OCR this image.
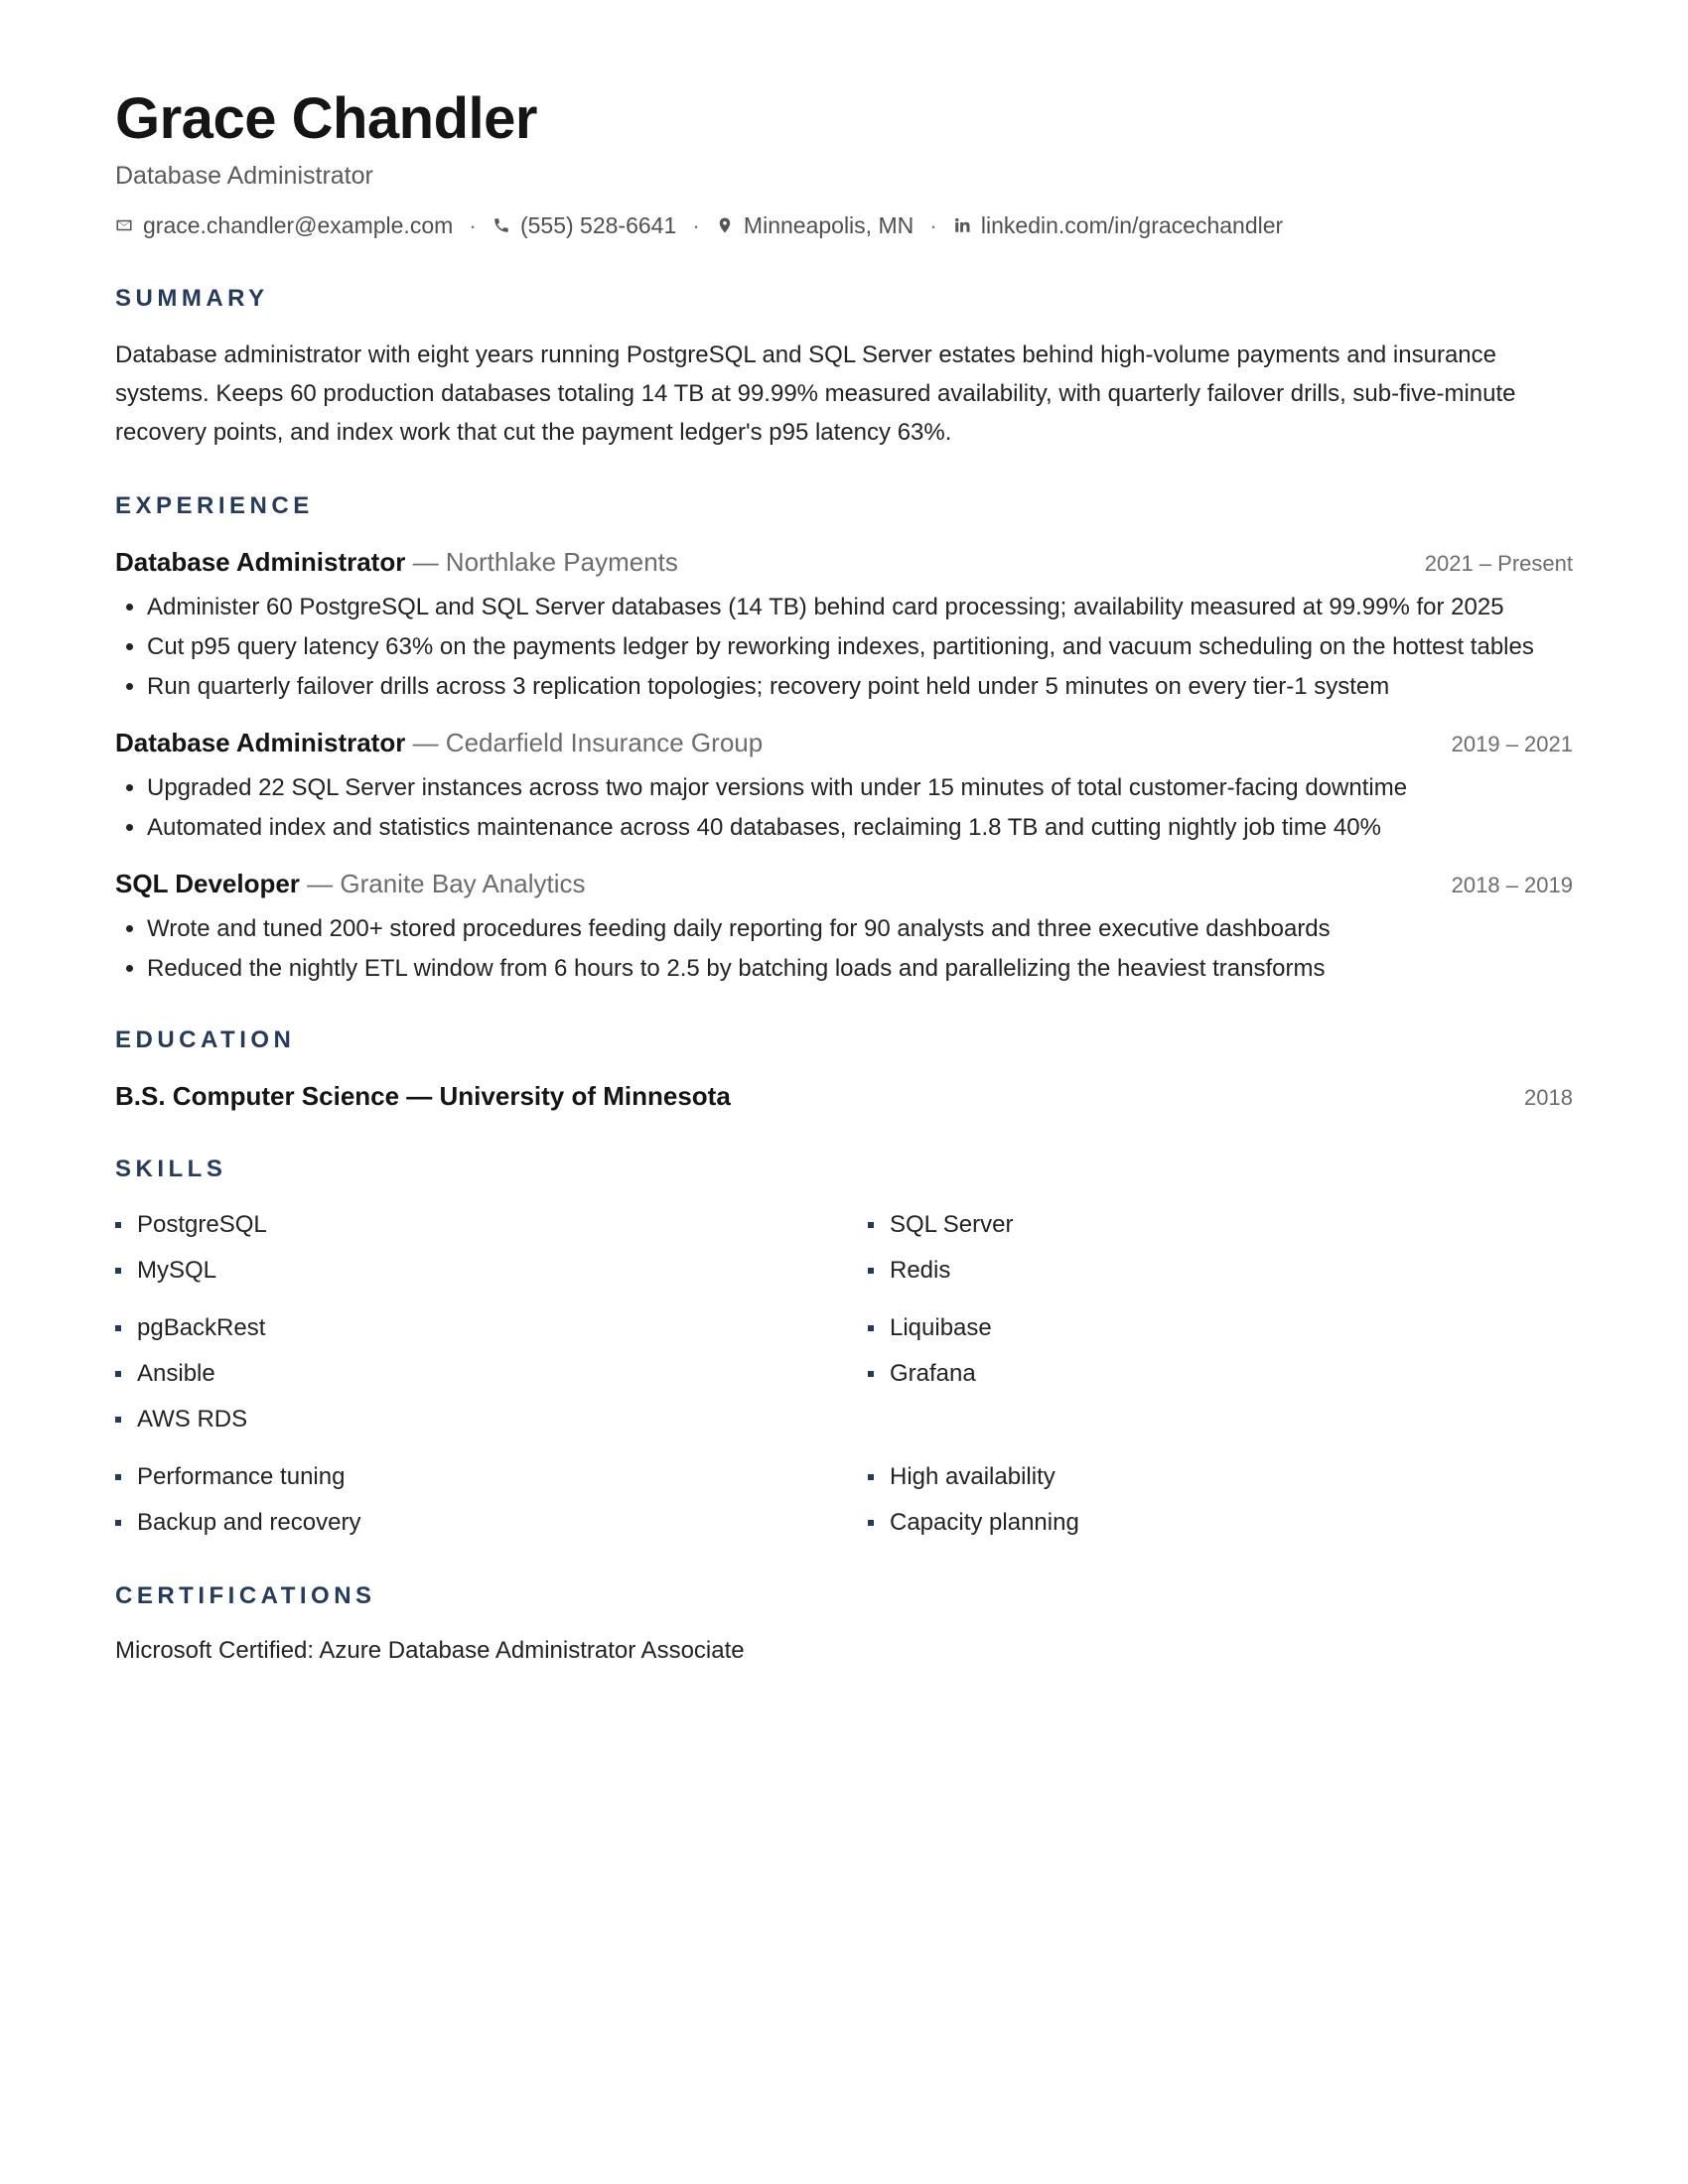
Grace Chandler
Database Administrator
grace.chandler@example.com · (555) 528-6641 · Minneapolis, MN · linkedin.com/in/gracechandler
SUMMARY
Database administrator with eight years running PostgreSQL and SQL Server estates behind high-volume payments and insurance systems. Keeps 60 production databases totaling 14 TB at 99.99% measured availability, with quarterly failover drills, sub-five-minute recovery points, and index work that cut the payment ledger's p95 latency 63%.
EXPERIENCE
Database Administrator — Northlake Payments	2021 – Present
• Administer 60 PostgreSQL and SQL Server databases (14 TB) behind card processing; availability measured at 99.99% for 2025
• Cut p95 query latency 63% on the payments ledger by reworking indexes, partitioning, and vacuum scheduling on the hottest tables
• Run quarterly failover drills across 3 replication topologies; recovery point held under 5 minutes on every tier-1 system
Database Administrator — Cedarfield Insurance Group	2019 – 2021
• Upgraded 22 SQL Server instances across two major versions with under 15 minutes of total customer-facing downtime
• Automated index and statistics maintenance across 40 databases, reclaiming 1.8 TB and cutting nightly job time 40%
SQL Developer — Granite Bay Analytics	2018 – 2019
• Wrote and tuned 200+ stored procedures feeding daily reporting for 90 analysts and three executive dashboards
• Reduced the nightly ETL window from 6 hours to 2.5 by batching loads and parallelizing the heaviest transforms
EDUCATION
B.S. Computer Science — University of Minnesota	2018
SKILLS
PostgreSQL	SQL Server
MySQL	Redis
pgBackRest	Liquibase
Ansible	Grafana
AWS RDS
Performance tuning	High availability
Backup and recovery	Capacity planning
CERTIFICATIONS
Microsoft Certified: Azure Database Administrator Associate
